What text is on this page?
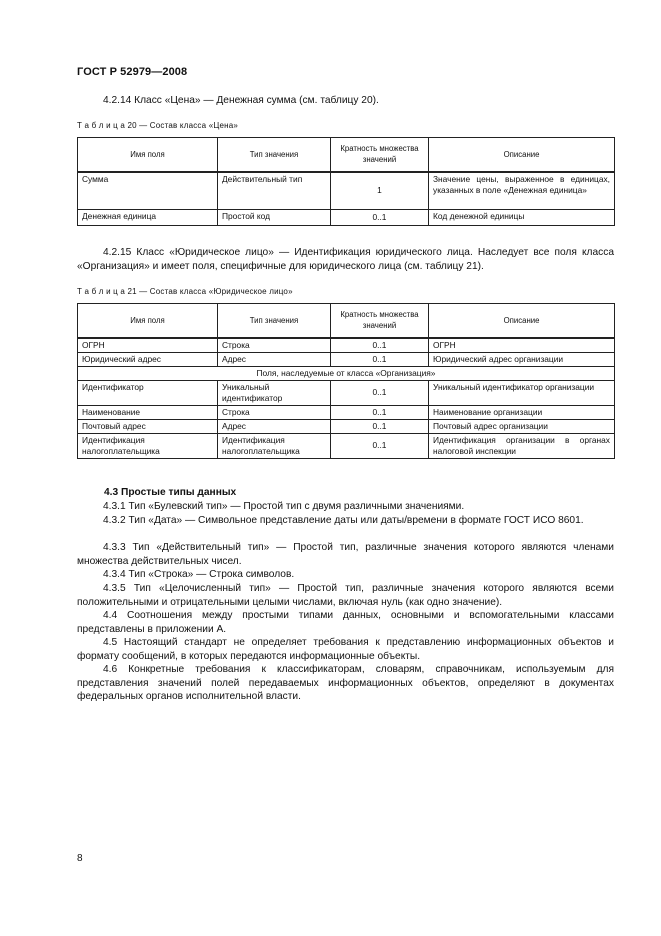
ГОСТ Р 52979—2008
4.2.14 Класс «Цена» — Денежная сумма (см. таблицу 20).
Т а б л и ц а 20 — Состав класса «Цена»
Имя поля	Тип значения	Кратность множества значений	Описание
Сумма	Действительный тип	1	Значение цены, выраженное в единицах, указанных в поле «Денежная единица»
Денежная единица	Простой код	0..1	Код денежной единицы
4.2.15 Класс «Юридическое лицо» — Идентификация юридического лица. Наследует все поля класса «Организация» и имеет поля, специфичные для юридического лица (см. таблицу 21).
Т а б л и ц а 21 — Состав класса «Юридическое лицо»
Имя поля	Тип значения	Кратность множества значений	Описание
ОГРН	Строка	0..1	ОГРН
Юридический адрес	Адрес	0..1	Юридический адрес организации
Поля, наследуемые от класса «Организация»			
Идентификатор	Уникальный идентификатор	0..1	Уникальный идентификатор организации
Наименование	Строка	0..1	Наименование организации
Почтовый адрес	Адрес	0..1	Почтовый адрес организации
Идентификация налогоплательщика	Идентификация налогоплательщика	0..1	Идентификация организации в органах налоговой инспекции
4.3 Простые типы данных
4.3.1 Тип «Булевский тип» — Простой тип с двумя различными значениями.
4.3.2 Тип «Дата» — Символьное представление даты или даты/времени в формате ГОСТ ИСО 8601.
4.3.3 Тип «Действительный тип» — Простой тип, различные значения которого являются членами множества действительных чисел.
4.3.4 Тип «Строка» — Строка символов.
4.3.5 Тип «Целочисленный тип» — Простой тип, различные значения которого являются всеми положительными и отрицательными целыми числами, включая нуль (как одно значение).
4.4 Соотношения между простыми типами данных, основными и вспомогательными классами представлены в приложении А.
4.5 Настоящий стандарт не определяет требования к представлению информационных объектов и формату сообщений, в которых передаются информационные объекты.
4.6 Конкретные требования к классификаторам, словарям, справочникам, используемым для представления значений полей передаваемых информационных объектов, определяют в документах федеральных органов исполнительной власти.
8
